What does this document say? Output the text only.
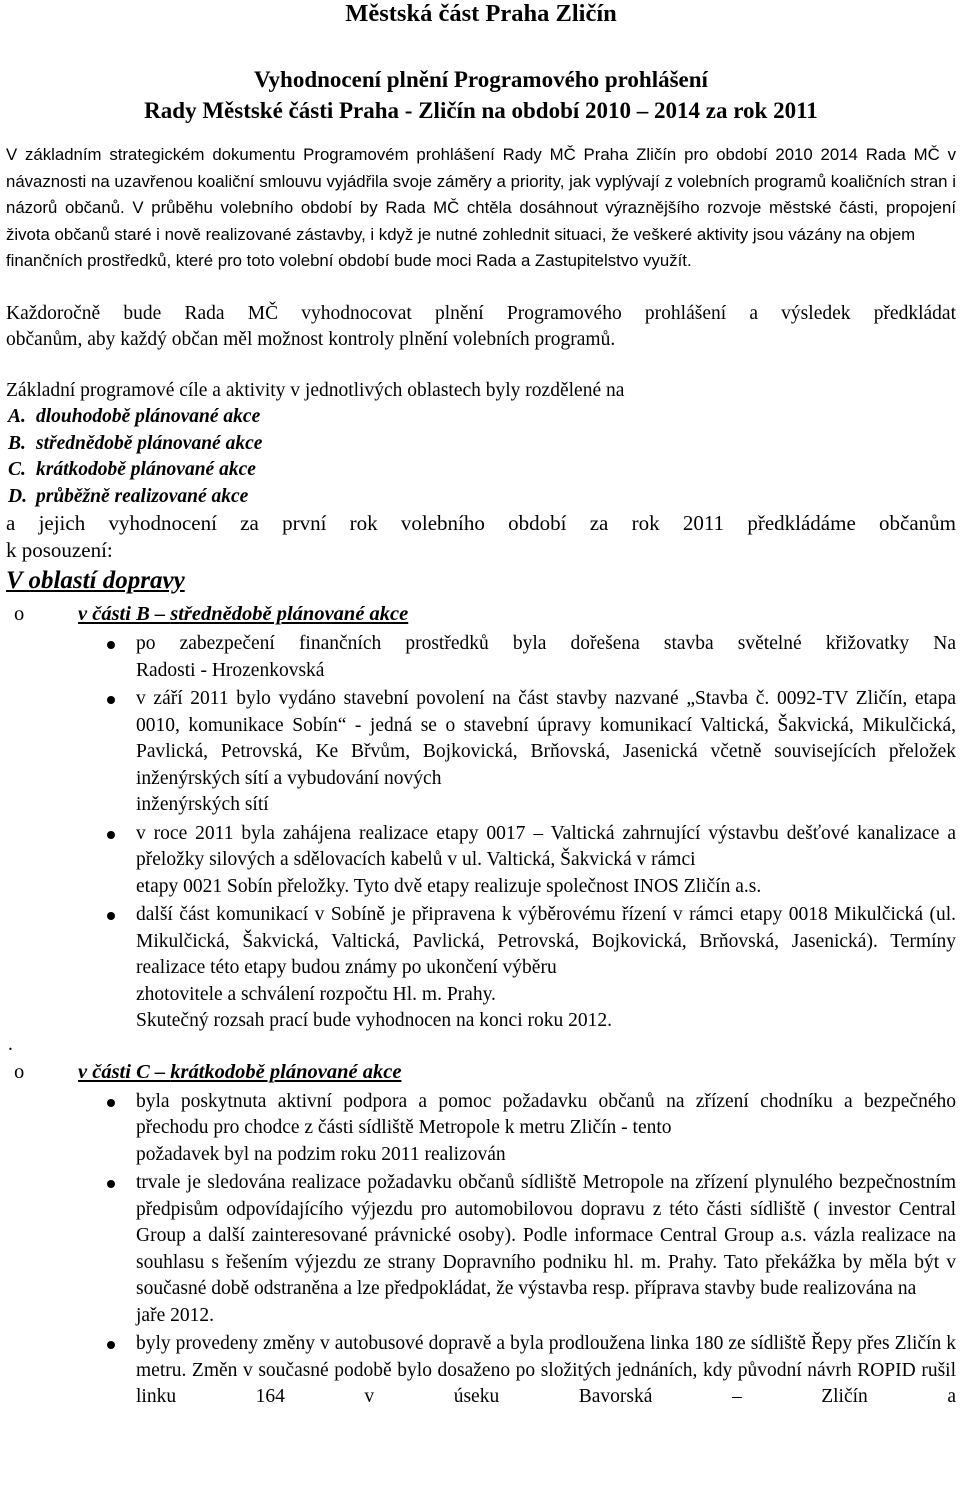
Městská část Praha Zličín
Vyhodnocení plnění Programového prohlášení
Rady Městské části Praha - Zličín na období 2010 – 2014 za rok 2011

V základním strategickém dokumentu Programovém prohlášení Rady MČ Praha Zličín pro období 2010 2014 Rada MČ v návaznosti na uzavřenou koaliční smlouvu vyjádřila svoje záměry a priority, jak vyplývají z volebních programů koaličních stran i názorů občanů. V průběhu volebního období by Rada MČ chtěla dosáhnout výraznějšího rozvoje městské části, propojení života občanů staré i nově realizované zástavby, i když je nutné zohlednit situaci, že veškeré aktivity jsou vázány na objem
finančních prostředků, které pro toto volební období bude moci Rada a Zastupitelstvo využít.

Každoročně bude Rada MČ vyhodnocovat plnění Programového prohlášení a výsledek předkládat
občanům, aby každý občan měl možnost kontroly plnění volebních programů.

Základní programové cíle a aktivity v jednotlivých oblastech byly rozdělené na

A. dlouhodobě plánované akce
B. střednědobě plánované akce
C. krátkodobě plánované akce
D. průběžně realizované akce

a jejich vyhodnocení za první rok volebního období za rok 2011 předkládáme občanům

k posouzení:

V oblastí dopravy
o	v části B – střednědobě plánované akce
po zabezpečení finančních prostředků byla dořešena stavba světelné křižovatky Na
Radosti - Hrozenkovská
v září 2011 bylo vydáno stavební povolení na část stavby nazvané „Stavba č. 0092-TV Zličín, etapa 0010, komunikace Sobín“ - jedná se o stavební úpravy komunikací Valtická, Šakvická, Mikulčická, Pavlická, Petrovská, Ke Břvům, Bojkovická, Brňovská, Jasenická včetně souvisejících přeložek inženýrských sítí a vybudování nových
inženýrských sítí
v roce 2011 byla zahájena realizace etapy 0017 – Valtická zahrnující výstavbu dešťové kanalizace a přeložky silových a sdělovacích kabelů v ul. Valtická, Šakvická v rámci
etapy 0021 Sobín přeložky. Tyto dvě etapy realizuje společnost INOS Zličín a.s.
další část komunikací v Sobíně je připravena k výběrovému řízení v rámci etapy 0018 Mikulčická (ul. Mikulčická, Šakvická, Valtická, Pavlická, Petrovská, Bojkovická, Brňovská, Jasenická). Termíny realizace této etapy budou známy po ukončení výběru
zhotovitele a schválení rozpočtu Hl. m. Prahy.

Skutečný rozsah prací bude vyhodnocen na konci roku 2012.

.

o	v části C – krátkodobě plánované akce
byla poskytnuta aktivní podpora a pomoc požadavku občanů na zřízení chodníku a bezpečného přechodu pro chodce z části sídliště Metropole k metru Zličín - tento
požadavek byl na podzim roku 2011 realizován
trvale je sledována realizace požadavku občanů sídliště Metropole na zřízení plynulého bezpečnostním předpisům odpovídajícího výjezdu pro automobilovou dopravu z této části sídliště ( investor Central Group a další zainteresované právnické osoby). Podle informace Central Group a.s. vázla realizace na souhlasu s řešením výjezdu ze strany Dopravního podniku hl. m. Prahy. Tato překážka by měla být v současné době odstraněna a lze předpokládat, že výstavba resp. příprava stavby bude realizována na
jaře 2012.
byly provedeny změny v autobusové dopravě a byla prodloužena linka 180 ze sídliště Řepy přes Zličín k metru. Změn v současné podobě bylo dosaženo po složitých jednáních, kdy původní návrh ROPID rušil linku 164 v úseku Bavorská – Zličín a
